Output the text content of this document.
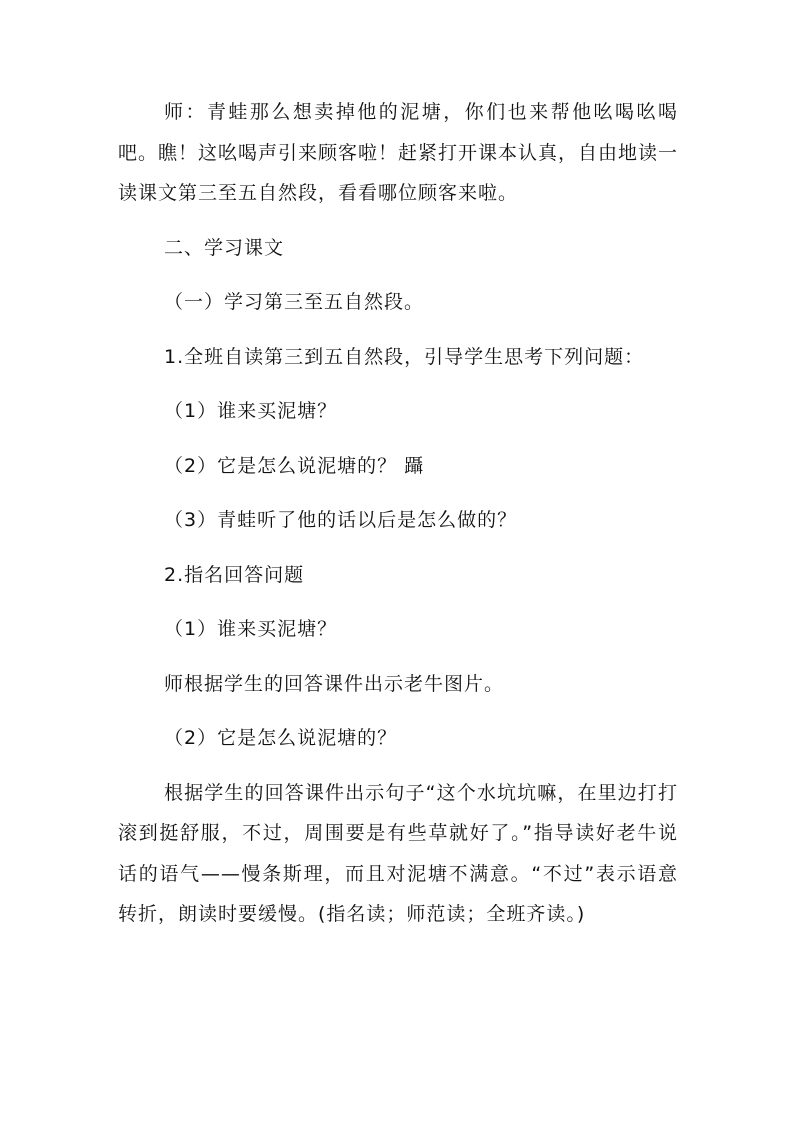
师：青蛙那么想卖掉他的泥塘，你们也来帮他吆喝吆喝吧。瞧！这吆喝声引来顾客啦！赶紧打开课本认真，自由地读一读课文第三至五自然段，看看哪位顾客来啦。

二、学习课文

（一）学习第三至五自然段。

1.全班自读第三到五自然段，引导学生思考下列问题：

（1）谁来买泥塘？

（2）它是怎么说泥塘的？ 躡

（3）青蛙听了他的话以后是怎么做的？

2.指名回答问题

（1）谁来买泥塘？

师根据学生的回答课件出示老牛图片。

（2）它是怎么说泥塘的？

根据学生的回答课件出示句子“这个水坑坑嘛，在里边打打滚到挺舒服，不过，周围要是有些草就好了。”指导读好老牛说话的语气——慢条斯理，而且对泥塘不满意。“不过”表示语意转折，朗读时要缓慢。(指名读；师范读；全班齐读。)
